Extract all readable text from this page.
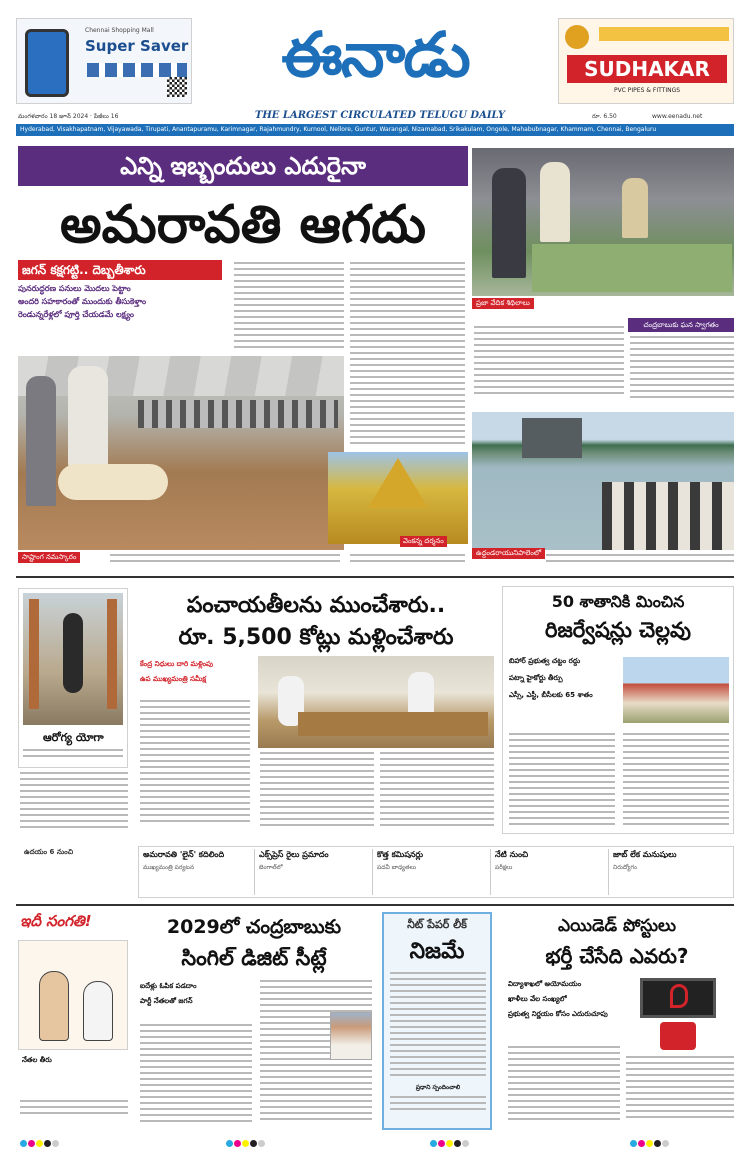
Super Saver
Chennai Shopping Mall	ఈనాడు
THE LARGEST CIRCULATED TELUGU DAILY
SUDHAKAR
PVC PIPES & FITTINGS
మంగళవారం 18 జూన్ 2024 · పేజీలు 16	రూ. 6.50	www.eenadu.net
Hyderabad, Visakhapatnam, Vijayawada, Tirupati, Anantapuramu, Karimnagar, Rajahmundry, Kurnool, Nellore, Guntur, Warangal, Nizamabad, Srikakulam, Ongole, Mahabubnagar, Khammam, Chennai, Bengaluru
ఎన్ని ఇబ్బందులు ఎదురైనా
అమరావతి ఆగదు
ప్రజా వేదిక శిథిలాలు
జగన్ కక్షగట్టి.. దెబ్బతీశారు
పునరుద్ధరణ పనులు మొదలు పెట్టాం
అందరి సహకారంతో ముందుకు తీసుకెళ్తాం
రెండున్నరేళ్లలో పూర్తి చేయడమే లక్ష్యం
చంద్రబాబుకు ఘన స్వాగతం
సాష్టాంగ నమస్కారం
వెంకన్న దర్శనం
ఉద్దండరాయునిపాలెంలో
ఆరోగ్య యోగా
ఉదయం 6 నుంచి
పంచాయతీలను ముంచేశారు..
రూ. 5,500 కోట్లు మళ్లించేశారు
కేంద్ర నిధులు దారి మళ్లింపు
ఉప ముఖ్యమంత్రి సమీక్ష
50 శాతానికి మించిన
రిజర్వేషన్లు చెల్లవు
బిహార్ ప్రభుత్వ చట్టం రద్దు
పట్నా హైకోర్టు తీర్పు
ఎస్సీ, ఎస్టీ, బీసీలకు 65 శాతం
అమరావతి 'లైన్' కదిలింది
ముఖ్యమంత్రి పర్యటన
ఎక్స్‌ప్రెస్ రైలు ప్రమాదం
బెంగాల్‌లో
కొత్త కమిషనర్లు
పదవీ బాధ్యతలు
నేటి నుంచి
పరీక్షలు
జాబ్ లేక మనుషులు
నిరుద్యోగం
ఇదీ సంగతి!
నేతల తీరు
2029లో చంద్రబాబుకు
సింగిల్ డిజిట్ సీట్లే
ఐదేళ్లు ఓపిక పడదాం
పార్టీ నేతలతో జగన్
నీట్ పేపర్ లీక్
నిజమే
ప్రధాని స్పందించాలి
ఎయిడెడ్ పోస్టులు
భర్తీ చేసేది ఎవరు?
విద్యాశాఖలో అయోమయం
ఖాళీలు వేల సంఖ్యలో
ప్రభుత్వ నిర్ణయం కోసం ఎదురుచూపు
